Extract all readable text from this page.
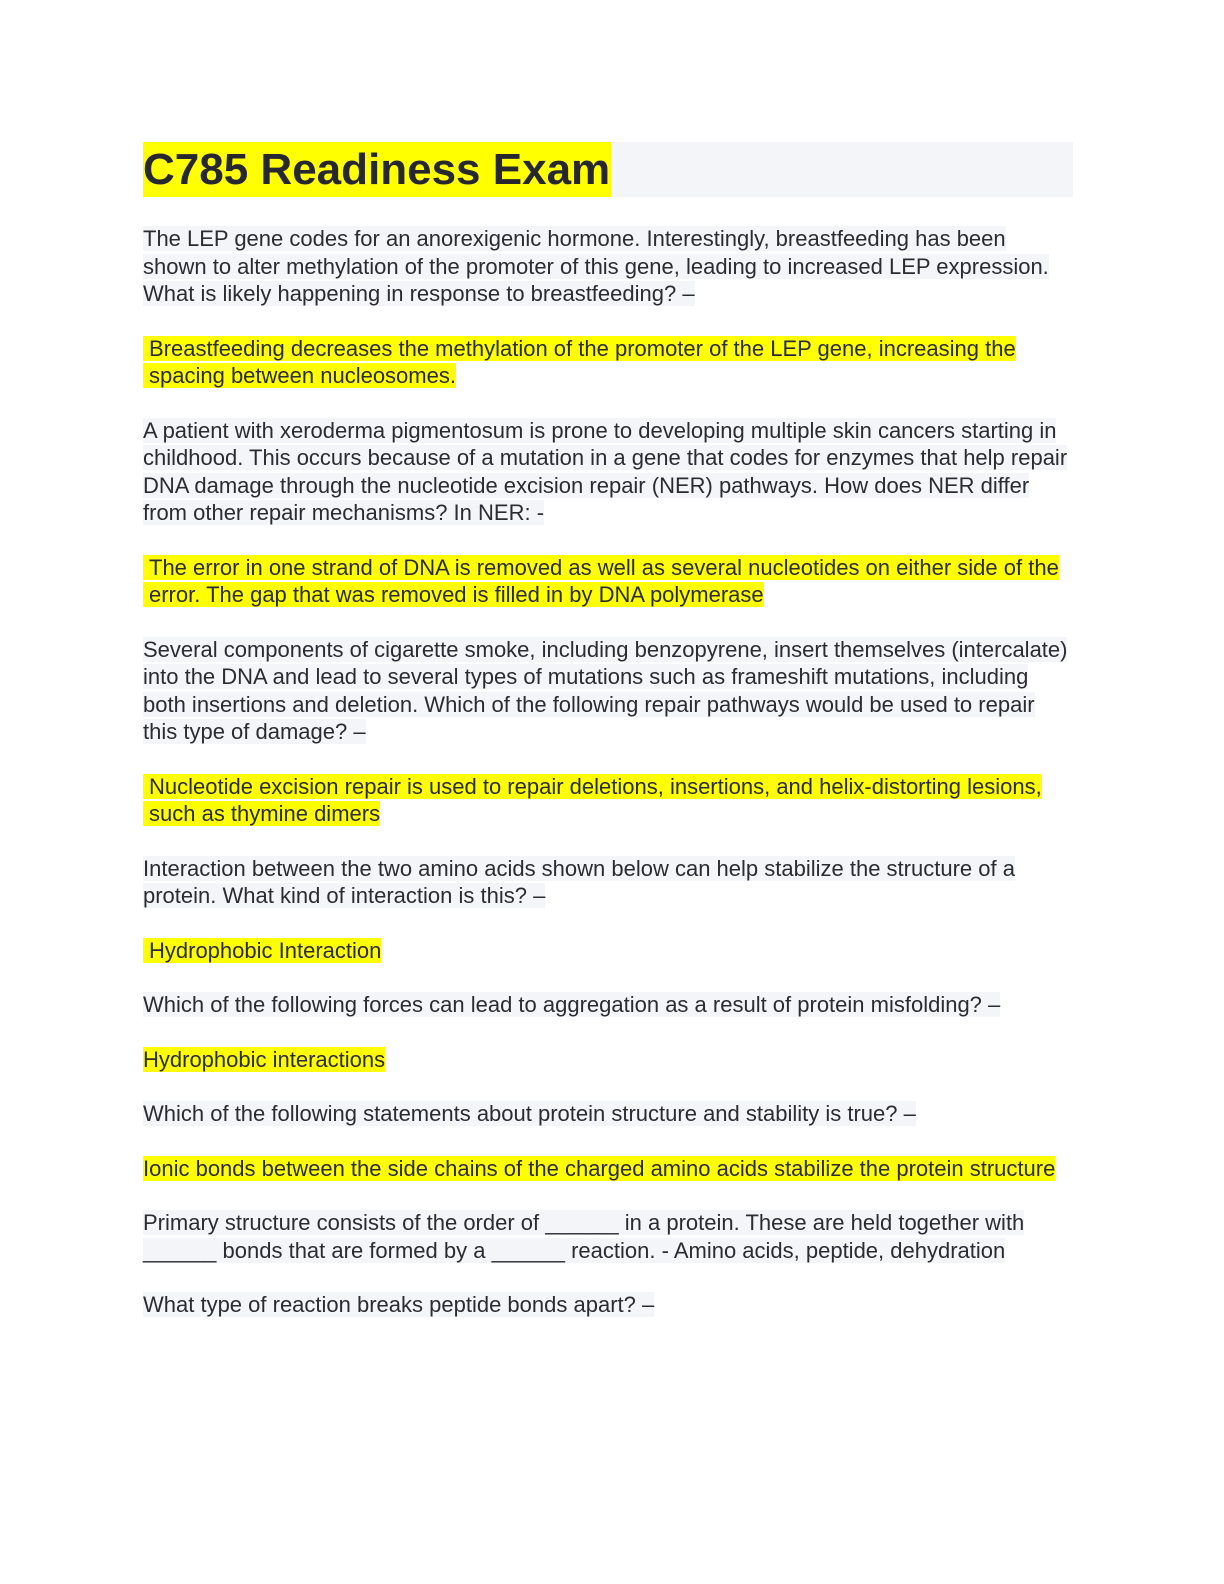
C785 Readiness Exam

The LEP gene codes for an anorexigenic hormone. Interestingly, breastfeeding has been shown to alter methylation of the promoter of this gene, leading to increased LEP expression. What is likely happening in response to breastfeeding? –

Breastfeeding decreases the methylation of the promoter of the LEP gene, increasing the spacing between nucleosomes.

A patient with xeroderma pigmentosum is prone to developing multiple skin cancers starting in childhood. This occurs because of a mutation in a gene that codes for enzymes that help repair DNA damage through the nucleotide excision repair (NER) pathways. How does NER differ from other repair mechanisms? In NER: -

The error in one strand of DNA is removed as well as several nucleotides on either side of the error. The gap that was removed is filled in by DNA polymerase

Several components of cigarette smoke, including benzopyrene, insert themselves (intercalate) into the DNA and lead to several types of mutations such as frameshift mutations, including both insertions and deletion. Which of the following repair pathways would be used to repair this type of damage? –

Nucleotide excision repair is used to repair deletions, insertions, and helix-distorting lesions, such as thymine dimers

Interaction between the two amino acids shown below can help stabilize the structure of a protein. What kind of interaction is this? –

Hydrophobic Interaction

Which of the following forces can lead to aggregation as a result of protein misfolding? –

Hydrophobic interactions

Which of the following statements about protein structure and stability is true? –

Ionic bonds between the side chains of the charged amino acids stabilize the protein structure

Primary structure consists of the order of ______ in a protein. These are held together with ______ bonds that are formed by a ______ reaction. - Amino acids, peptide, dehydration

What type of reaction breaks peptide bonds apart? –
